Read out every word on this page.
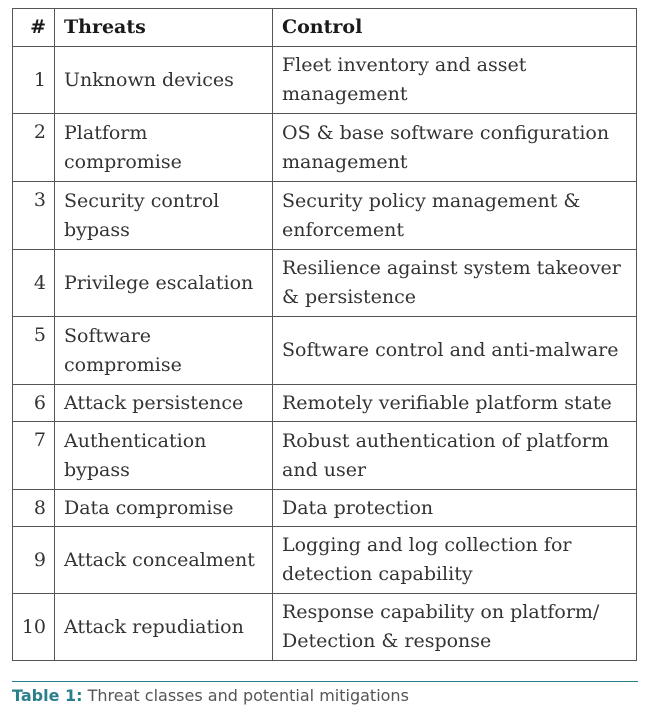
#	Threats	Control
1	Unknown devices	Fleet inventory and asset management
2	Platform compromise	OS & base software configuration management
3	Security control bypass	Security policy management & enforcement
4	Privilege escalation	Resilience against system takeover & persistence
5	Software compromise	Software control and anti-malware
6	Attack persistence	Remotely verifiable platform state
7	Authentication bypass	Robust authentication of platform and user
8	Data compromise	Data protection
9	Attack concealment	Logging and log collection for detection capability
10	Attack repudiation	Response capability on platform/ Detection & response
Table 1: Threat classes and potential mitigations
